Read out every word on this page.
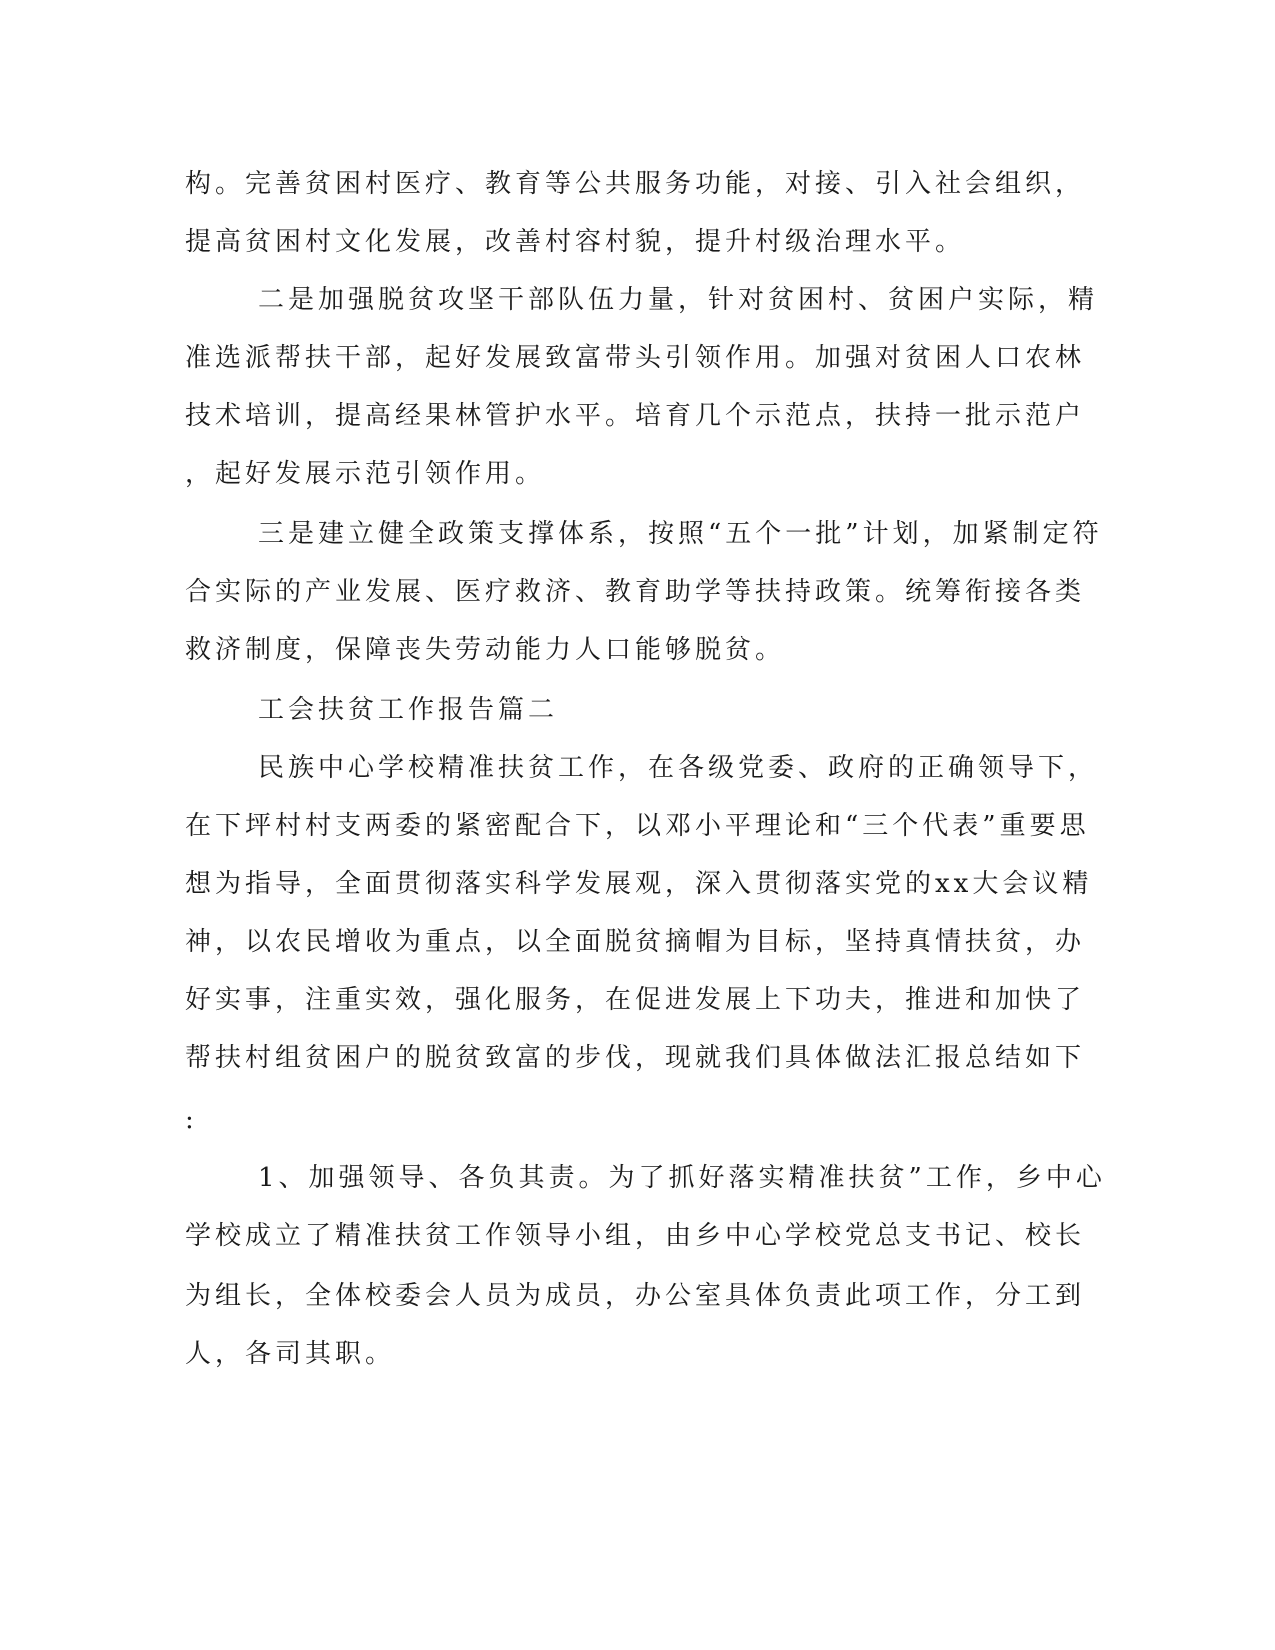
构。完善贫困村医疗、教育等公共服务功能，对接、引入社会组织，
提高贫困村文化发展，改善村容村貌，提升村级治理水平。
二是加强脱贫攻坚干部队伍力量，针对贫困村、贫困户实际，精
准选派帮扶干部，起好发展致富带头引领作用。加强对贫困人口农林
技术培训，提高经果林管护水平。培育几个示范点，扶持一批示范户
，起好发展示范引领作用。
三是建立健全政策支撑体系，按照“五个一批”计划，加紧制定符
合实际的产业发展、医疗救济、教育助学等扶持政策。统筹衔接各类
救济制度，保障丧失劳动能力人口能够脱贫。
工会扶贫工作报告篇二
民族中心学校精准扶贫工作，在各级党委、政府的正确领导下，
在下坪村村支两委的紧密配合下，以邓小平理论和“三个代表”重要思
想为指导，全面贯彻落实科学发展观，深入贯彻落实党的xx大会议精
神，以农民增收为重点，以全面脱贫摘帽为目标，坚持真情扶贫，办
好实事，注重实效，强化服务，在促进发展上下功夫，推进和加快了
帮扶村组贫困户的脱贫致富的步伐，现就我们具体做法汇报总结如下
:
1、加强领导、各负其责。为了抓好落实精准扶贫”工作，乡中心
学校成立了精准扶贫工作领导小组，由乡中心学校党总支书记、校长
为组长，全体校委会人员为成员，办公室具体负责此项工作，分工到
人，各司其职。
